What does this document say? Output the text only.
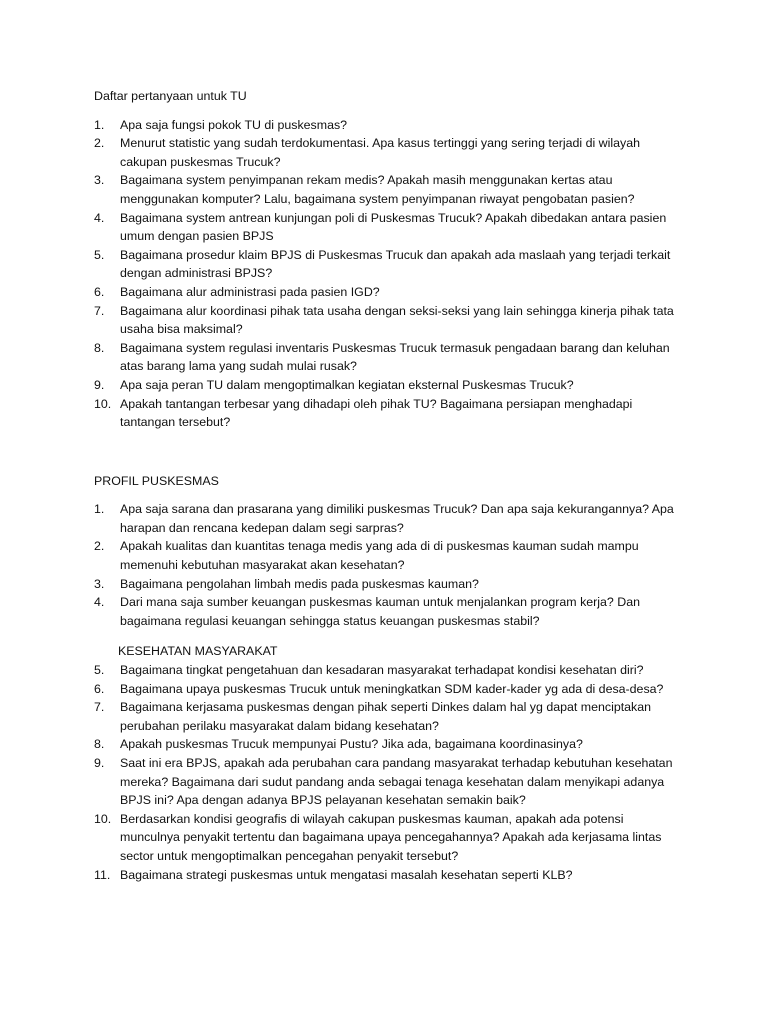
Daftar pertanyaan untuk TU

1.	Apa saja fungsi pokok TU di puskesmas?
2.	Menurut statistic yang sudah terdokumentasi. Apa kasus tertinggi yang sering terjadi di wilayah cakupan puskesmas Trucuk?
3.	Bagaimana system penyimpanan rekam medis? Apakah masih menggunakan kertas atau menggunakan komputer? Lalu, bagaimana system penyimpanan riwayat pengobatan pasien?
4.	Bagaimana system antrean kunjungan poli di Puskesmas Trucuk? Apakah dibedakan antara pasien umum dengan pasien BPJS
5.	Bagaimana prosedur klaim BPJS di Puskesmas Trucuk dan apakah ada maslaah yang terjadi terkait dengan administrasi BPJS?
6.	Bagaimana alur administrasi pada pasien IGD?
7.	Bagaimana alur koordinasi pihak tata usaha dengan seksi-seksi yang lain sehingga kinerja pihak tata usaha bisa maksimal?
8.	Bagaimana system regulasi inventaris Puskesmas Trucuk termasuk pengadaan barang dan keluhan atas barang lama yang sudah mulai rusak?
9.	Apa saja peran TU dalam mengoptimalkan kegiatan eksternal Puskesmas Trucuk?
10. Apakah tantangan terbesar yang dihadapi oleh pihak TU? Bagaimana persiapan menghadapi tantangan tersebut?

PROFIL PUSKESMAS

1.	Apa saja sarana dan prasarana yang dimiliki puskesmas Trucuk? Dan apa saja kekurangannya? Apa harapan dan rencana kedepan dalam segi sarpras?
2.	Apakah kualitas dan kuantitas tenaga medis yang ada di di puskesmas kauman sudah mampu memenuhi kebutuhan masyarakat akan kesehatan?
3.	Bagaimana pengolahan limbah medis pada puskesmas kauman?
4.	Dari mana saja sumber keuangan puskesmas kauman untuk menjalankan program kerja? Dan bagaimana regulasi keuangan sehingga status keuangan puskesmas stabil?

KESEHATAN MASYARAKAT

5.	Bagaimana tingkat pengetahuan dan kesadaran masyarakat terhadapat kondisi kesehatan diri?
6.	Bagaimana upaya puskesmas Trucuk untuk meningkatkan SDM kader-kader yg ada di desa-desa?
7.	Bagaimana kerjasama puskesmas dengan pihak seperti Dinkes dalam hal yg dapat menciptakan perubahan perilaku masyarakat dalam bidang kesehatan?
8.	Apakah puskesmas Trucuk mempunyai Pustu? Jika ada, bagaimana koordinasinya?
9.	Saat ini era BPJS, apakah ada perubahan cara pandang masyarakat terhadap kebutuhan kesehatan mereka? Bagaimana dari sudut pandang anda sebagai tenaga kesehatan dalam menyikapi adanya BPJS ini? Apa dengan adanya BPJS pelayanan kesehatan semakin baik?
10. Berdasarkan kondisi geografis di wilayah cakupan puskesmas kauman, apakah ada potensi munculnya penyakit tertentu dan bagaimana upaya pencegahannya? Apakah ada kerjasama lintas sector untuk mengoptimalkan pencegahan penyakit tersebut?
11. Bagaimana strategi puskesmas untuk mengatasi masalah kesehatan seperti KLB?
